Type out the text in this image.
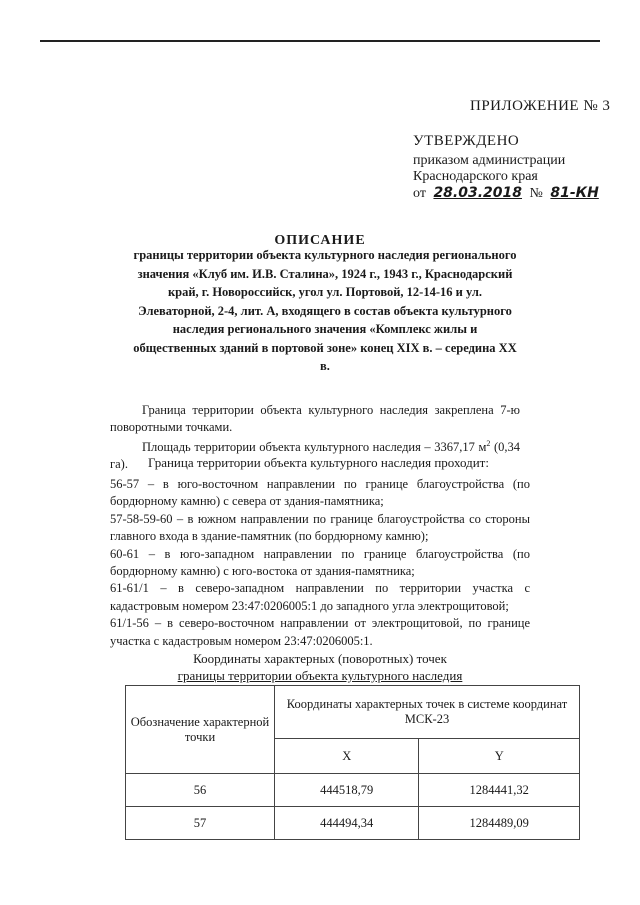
ПРИЛОЖЕНИЕ № 3
УТВЕРЖДЕНО
приказом администрации
Краснодарского края
от 28.03.2018 № 81-КН
ОПИСАНИЕ
границы территории объекта культурного наследия регионального значения «Клуб им. И.В. Сталина», 1924 г., 1943 г., Краснодарский край, г. Новороссийск, угол ул. Портовой, 12-14-16 и ул. Элеваторной, 2-4, лит. А, входящего в состав объекта культурного наследия регионального значения «Комплекс жилы и общественных зданий в портовой зоне» конец XIX в. – середина XX в.
Граница территории объекта культурного наследия закреплена 7-ю поворотными точками.
Площадь территории объекта культурного наследия – 3367,17 $м^2$ (0,34 га).	Граница территории объекта культурного наследия проходит:

56-57 – в юго-восточном направлении по границе благоустройства (по бордюрному камню) с севера от здания-памятника;

57-58-59-60 – в южном направлении по границе благоустройства со стороны главного входа в здание-памятник (по бордюрному камню);

60-61 – в юго-западном направлении по границе благоустройства (по бордюрному камню) с юго-востока от здания-памятника;

61-61/1 – в северо-западном направлении по территории участка с кадастровым номером 23:47:0206005:1 до западного угла электрощитовой;

61/1-56 – в северо-восточном направлении от электрощитовой, по границе участка с кадастровым номером 23:47:0206005:1.

Координаты характерных (поворотных) точек
границы территории объекта культурного наследия
Обозначение характерной точки	Координаты характерных точек в системе координат МСК-23	
	X	Y
56	444518,79	1284441,32
57	444494,34	1284489,09
